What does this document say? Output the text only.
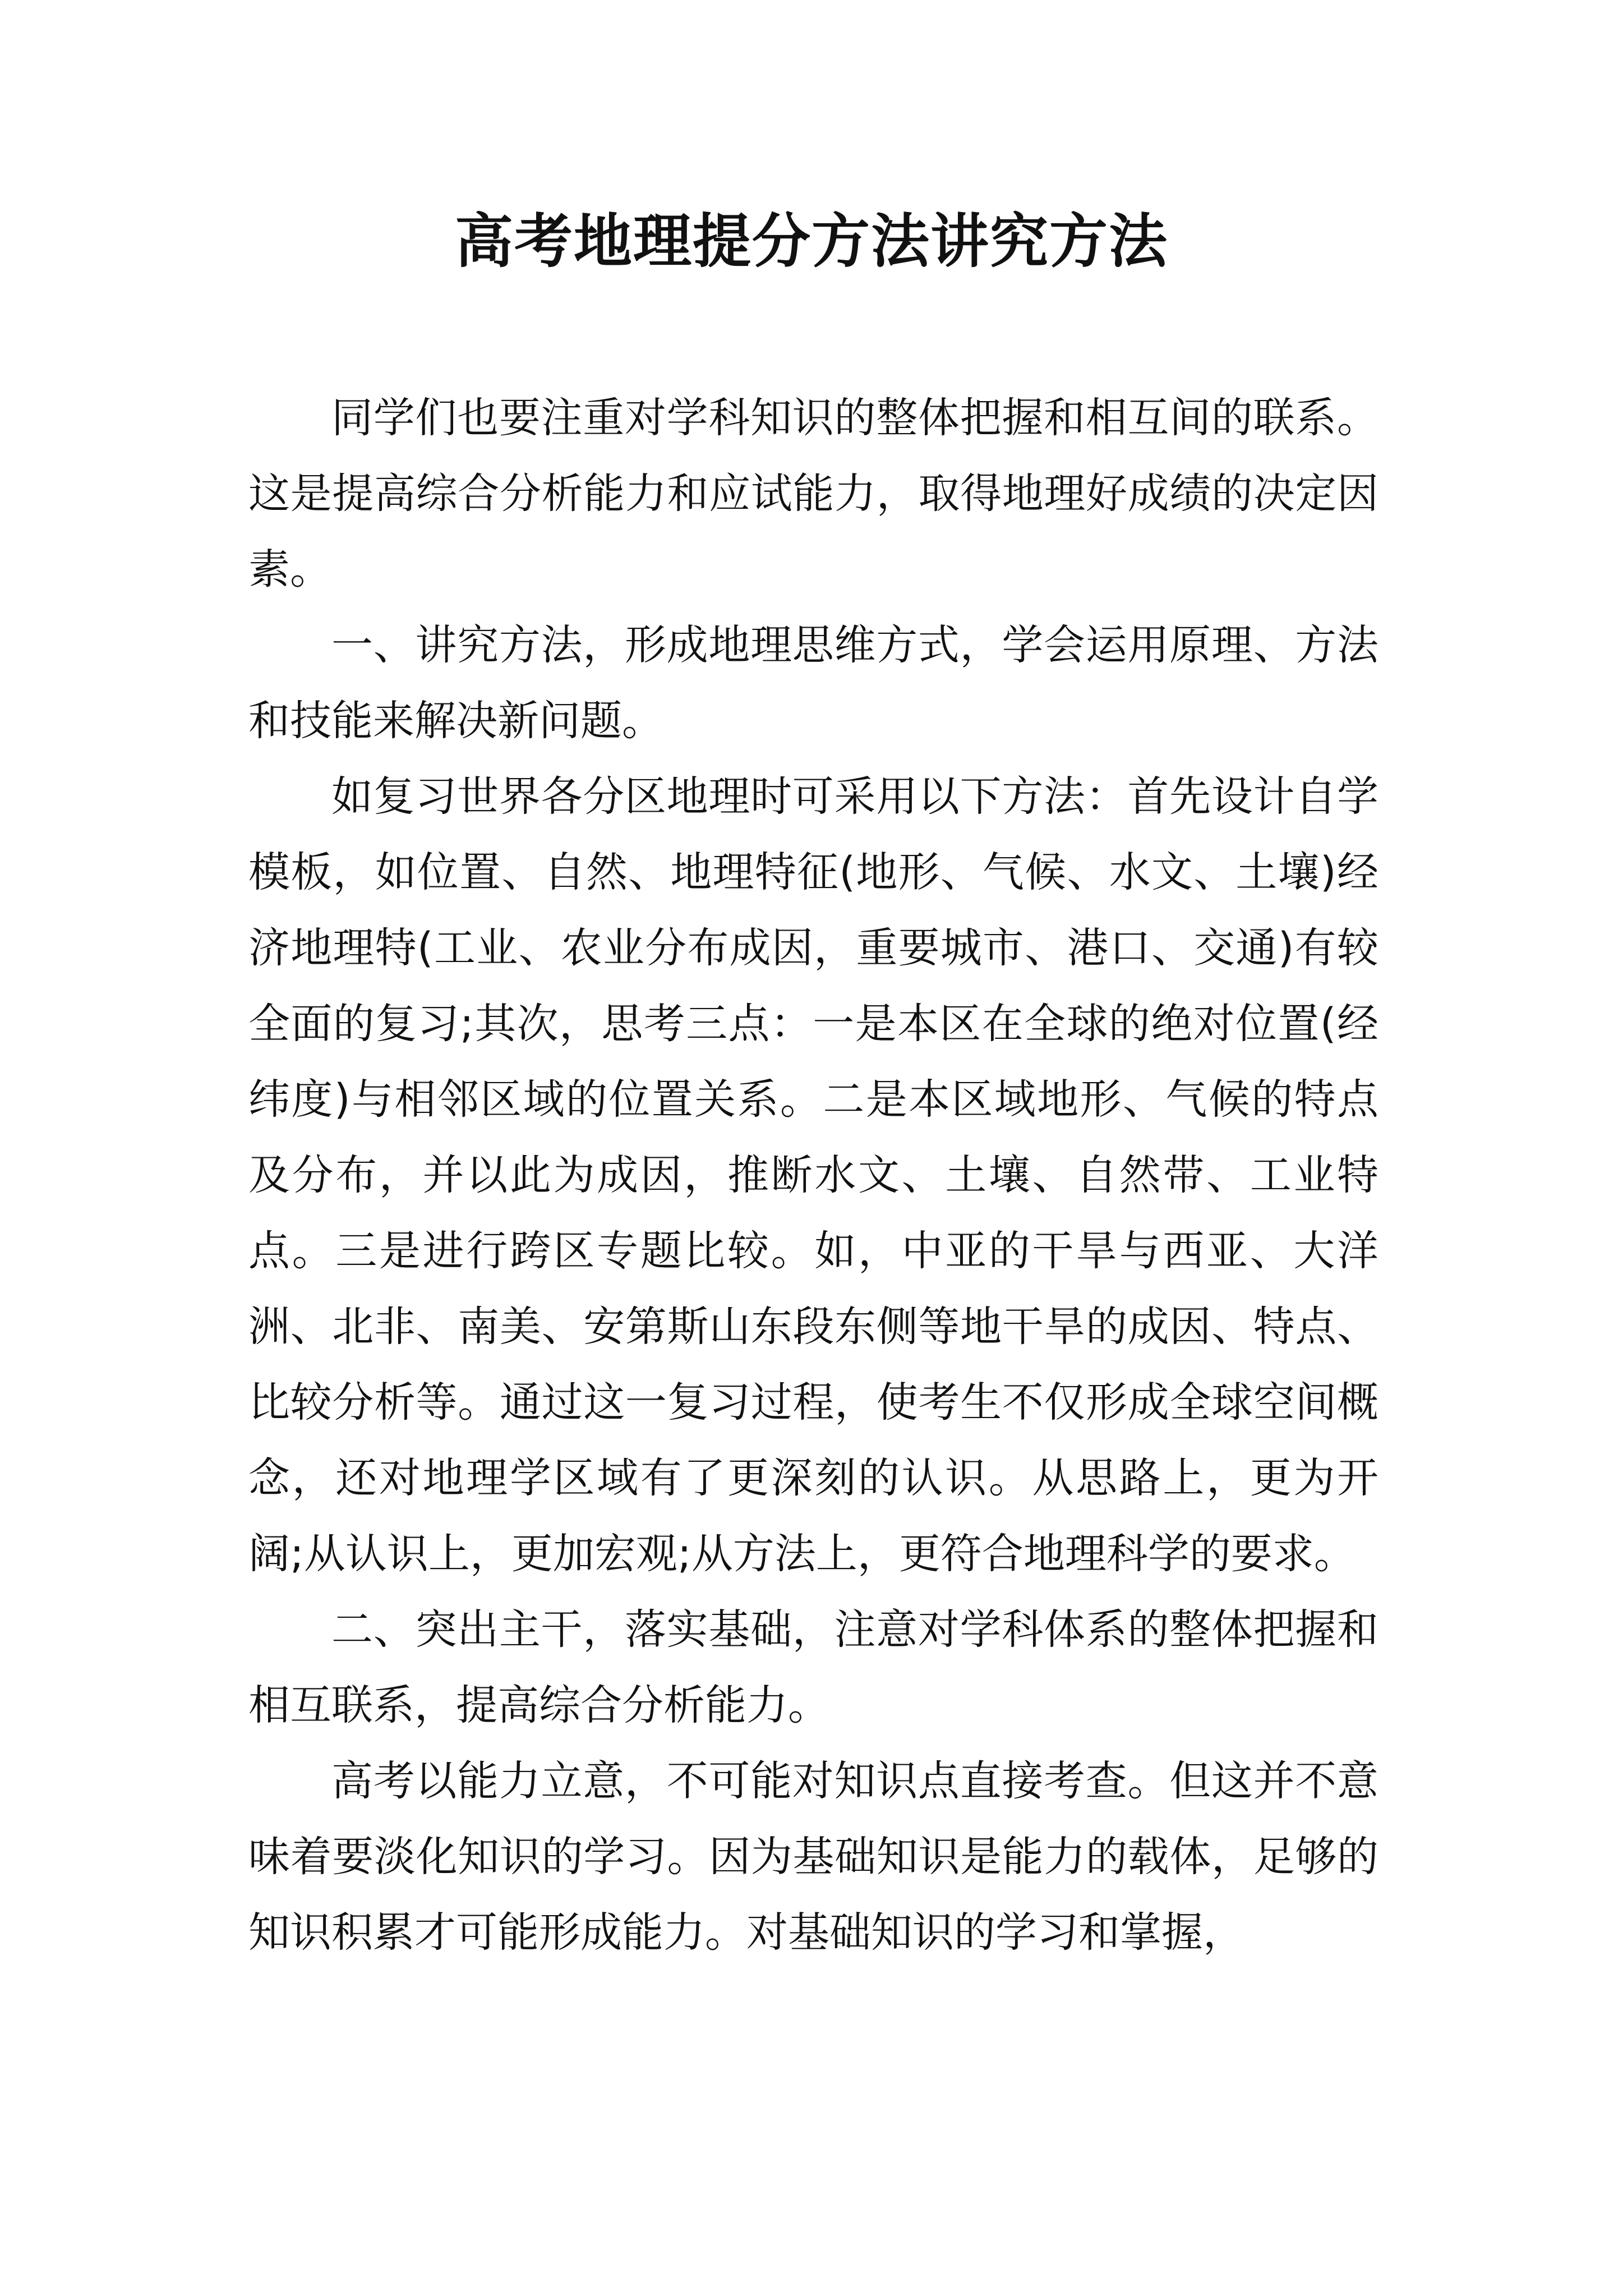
高考地理提分方法讲究方法

同学们也要注重对学科知识的整体把握和相互间的联系。这是提高综合分析能力和应试能力，取得地理好成绩的决定因素。

一、讲究方法，形成地理思维方式，学会运用原理、方法和技能来解决新问题。

如复习世界各分区地理时可采用以下方法：首先设计自学模板，如位置、自然、地理特征(地形、气候、水文、土壤)经济地理特(工业、农业分布成因，重要城市、港口、交通)有较全面的复习;其次，思考三点：一是本区在全球的绝对位置(经纬度)与相邻区域的位置关系。二是本区域地形、气候的特点及分布，并以此为成因，推断水文、土壤、自然带、工业特点。三是进行跨区专题比较。如，中亚的干旱与西亚、大洋洲、北非、南美、安第斯山东段东侧等地干旱的成因、特点、比较分析等。通过这一复习过程，使考生不仅形成全球空间概念，还对地理学区域有了更深刻的认识。从思路上，更为开阔;从认识上，更加宏观;从方法上，更符合地理科学的要求。

二、突出主干，落实基础，注意对学科体系的整体把握和相互联系，提高综合分析能力。

高考以能力立意，不可能对知识点直接考查。但这并不意味着要淡化知识的学习。因为基础知识是能力的载体，足够的知识积累才可能形成能力。对基础知识的学习和掌握，
